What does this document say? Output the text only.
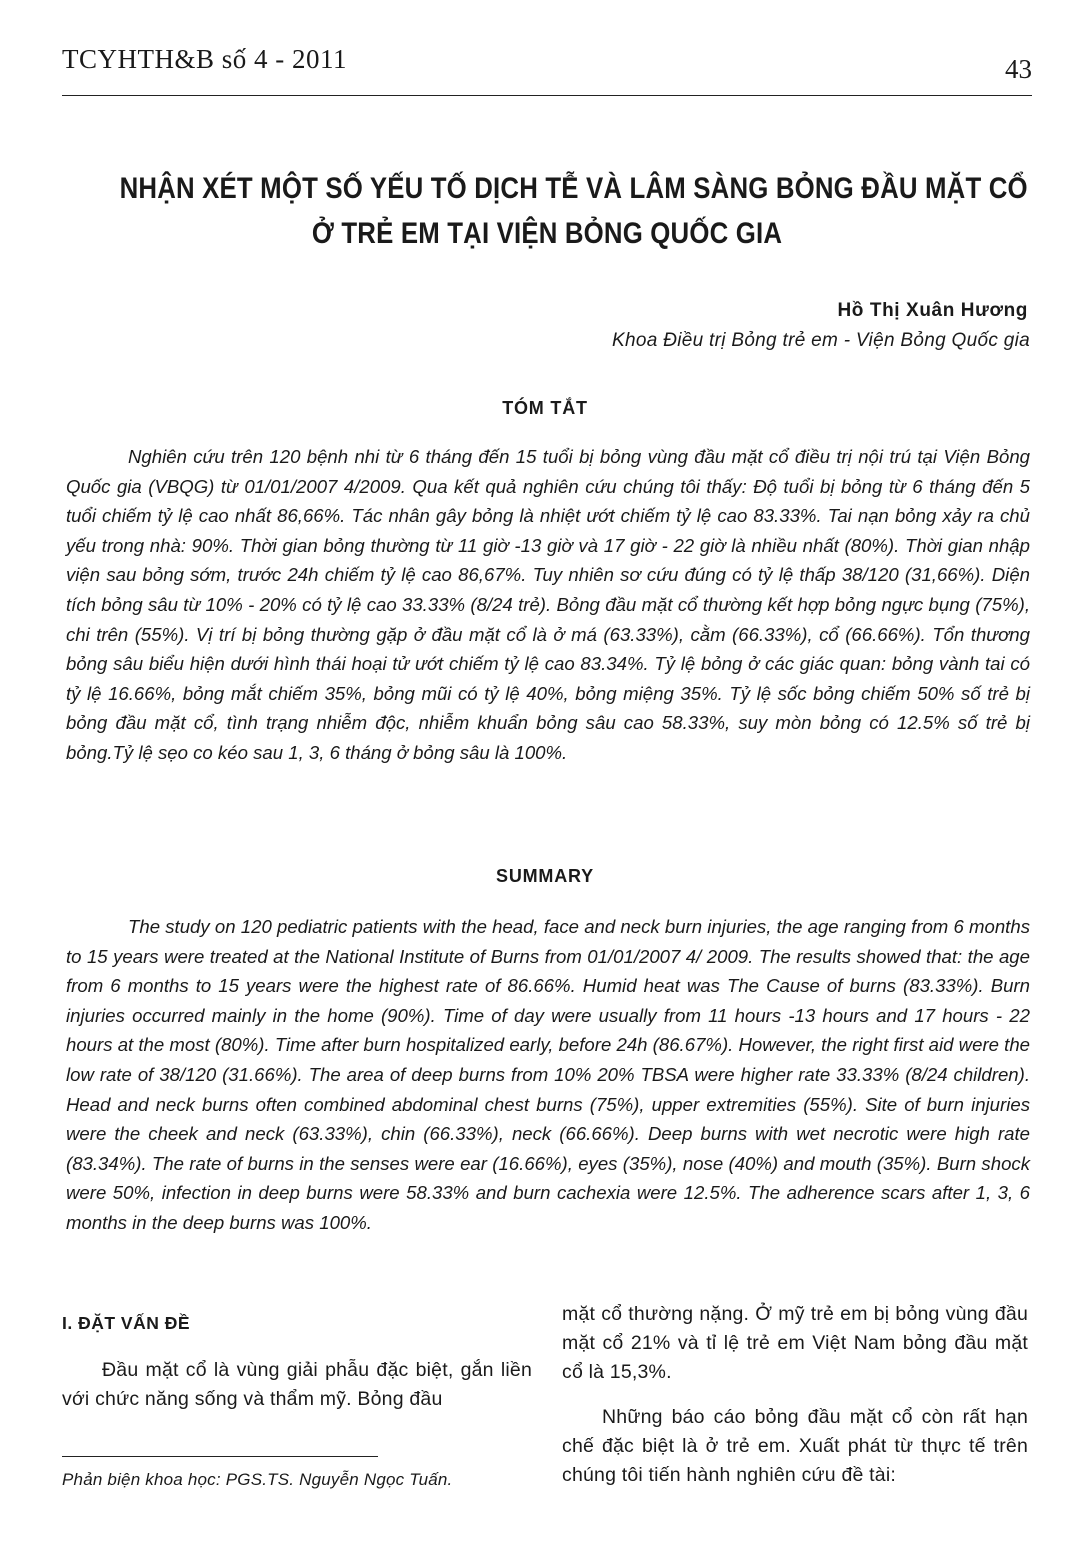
TCYHTH&B số 4 - 2011	43
NHẬN XÉT MỘT SỐ YẾU TỐ DỊCH TỄ VÀ LÂM SÀNG BỎNG ĐẦU MẶT CỔ
Ở TRẺ EM TẠI VIỆN BỎNG QUỐC GIA
Hồ Thị Xuân Hương
Khoa Điều trị Bỏng trẻ em - Viện Bỏng Quốc gia
TÓM TẮT

Nghiên cứu trên 120 bệnh nhi từ 6 tháng đến 15 tuổi bị bỏng vùng đầu mặt cổ điều trị nội trú tại Viện Bỏng Quốc gia (VBQG) từ 01/01/2007 4/2009. Qua kết quả nghiên cứu chúng tôi thấy: Độ tuổi bị bỏng từ 6 tháng đến 5 tuổi chiếm tỷ lệ cao nhất 86,66%. Tác nhân gây bỏng là nhiệt ướt chiếm tỷ lệ cao 83.33%. Tai nạn bỏng xảy ra chủ yếu trong nhà: 90%. Thời gian bỏng thường từ 11 giờ -13 giờ và 17 giờ - 22 giờ là nhiều nhất (80%). Thời gian nhập viện sau bỏng sớm, trước 24h chiếm tỷ lệ cao 86,67%. Tuy nhiên sơ cứu đúng có tỷ lệ thấp 38/120 (31,66%). Diện tích bỏng sâu từ 10% - 20% có tỷ lệ cao 33.33% (8/24 trẻ). Bỏng đầu mặt cổ thường kết hợp bỏng ngực bụng (75%), chi trên (55%). Vị trí bị bỏng thường gặp ở đầu mặt cổ là ở má (63.33%), cằm (66.33%), cổ (66.66%). Tổn thương bỏng sâu biểu hiện dưới hình thái hoại tử ướt chiếm tỷ lệ cao 83.34%. Tỷ lệ bỏng ở các giác quan: bỏng vành tai có tỷ lệ 16.66%, bỏng mắt chiếm 35%, bỏng mũi có tỷ lệ 40%, bỏng miệng 35%. Tỷ lệ sốc bỏng chiếm 50% số trẻ bị bỏng đầu mặt cổ, tình trạng nhiễm độc, nhiễm khuẩn bỏng sâu cao 58.33%, suy mòn bỏng có 12.5% số trẻ bị bỏng.Tỷ lệ sẹo co kéo sau 1, 3, 6 tháng ở bỏng sâu là 100%.

SUMMARY

The study on 120 pediatric patients with the head, face and neck burn injuries, the age ranging from 6 months to 15 years were treated at the National Institute of Burns from 01/01/2007 4/ 2009. The results showed that: the age from 6 months to 15 years were the highest rate of 86.66%. Humid heat was The Cause of burns (83.33%). Burn injuries occurred mainly in the home (90%). Time of day were usually from 11 hours -13 hours and 17 hours - 22 hours at the most (80%). Time after burn hospitalized early, before 24h (86.67%). However, the right first aid were the low rate of 38/120 (31.66%). The area of deep burns from 10% 20% TBSA were higher rate 33.33% (8/24 children). Head and neck burns often combined abdominal chest burns (75%), upper extremities (55%). Site of burn injuries were the cheek and neck (63.33%), chin (66.33%), neck (66.66%). Deep burns with wet necrotic were high rate (83.34%). The rate of burns in the senses were ear (16.66%), eyes (35%), nose (40%) and mouth (35%). Burn shock were 50%, infection in deep burns were 58.33% and burn cachexia were 12.5%. The adherence scars after 1, 3, 6 months in the deep burns was 100%.

I. ĐẶT VẤN ĐỀ

Đầu mặt cổ là vùng giải phẫu đặc biệt, gắn liền với chức năng sống và thẩm mỹ. Bỏng đầu

mặt cổ thường nặng. Ở mỹ trẻ em bị bỏng vùng đầu mặt cổ 21% và tỉ lệ trẻ em Việt Nam bỏng đầu mặt cổ là 15,3%.

Những báo cáo bỏng đầu mặt cổ còn rất hạn chế đặc biệt là ở trẻ em. Xuất phát từ thực tế trên chúng tôi tiến hành nghiên cứu đề tài:

Phản biện khoa học: PGS.TS. Nguyễn Ngọc Tuấn.
